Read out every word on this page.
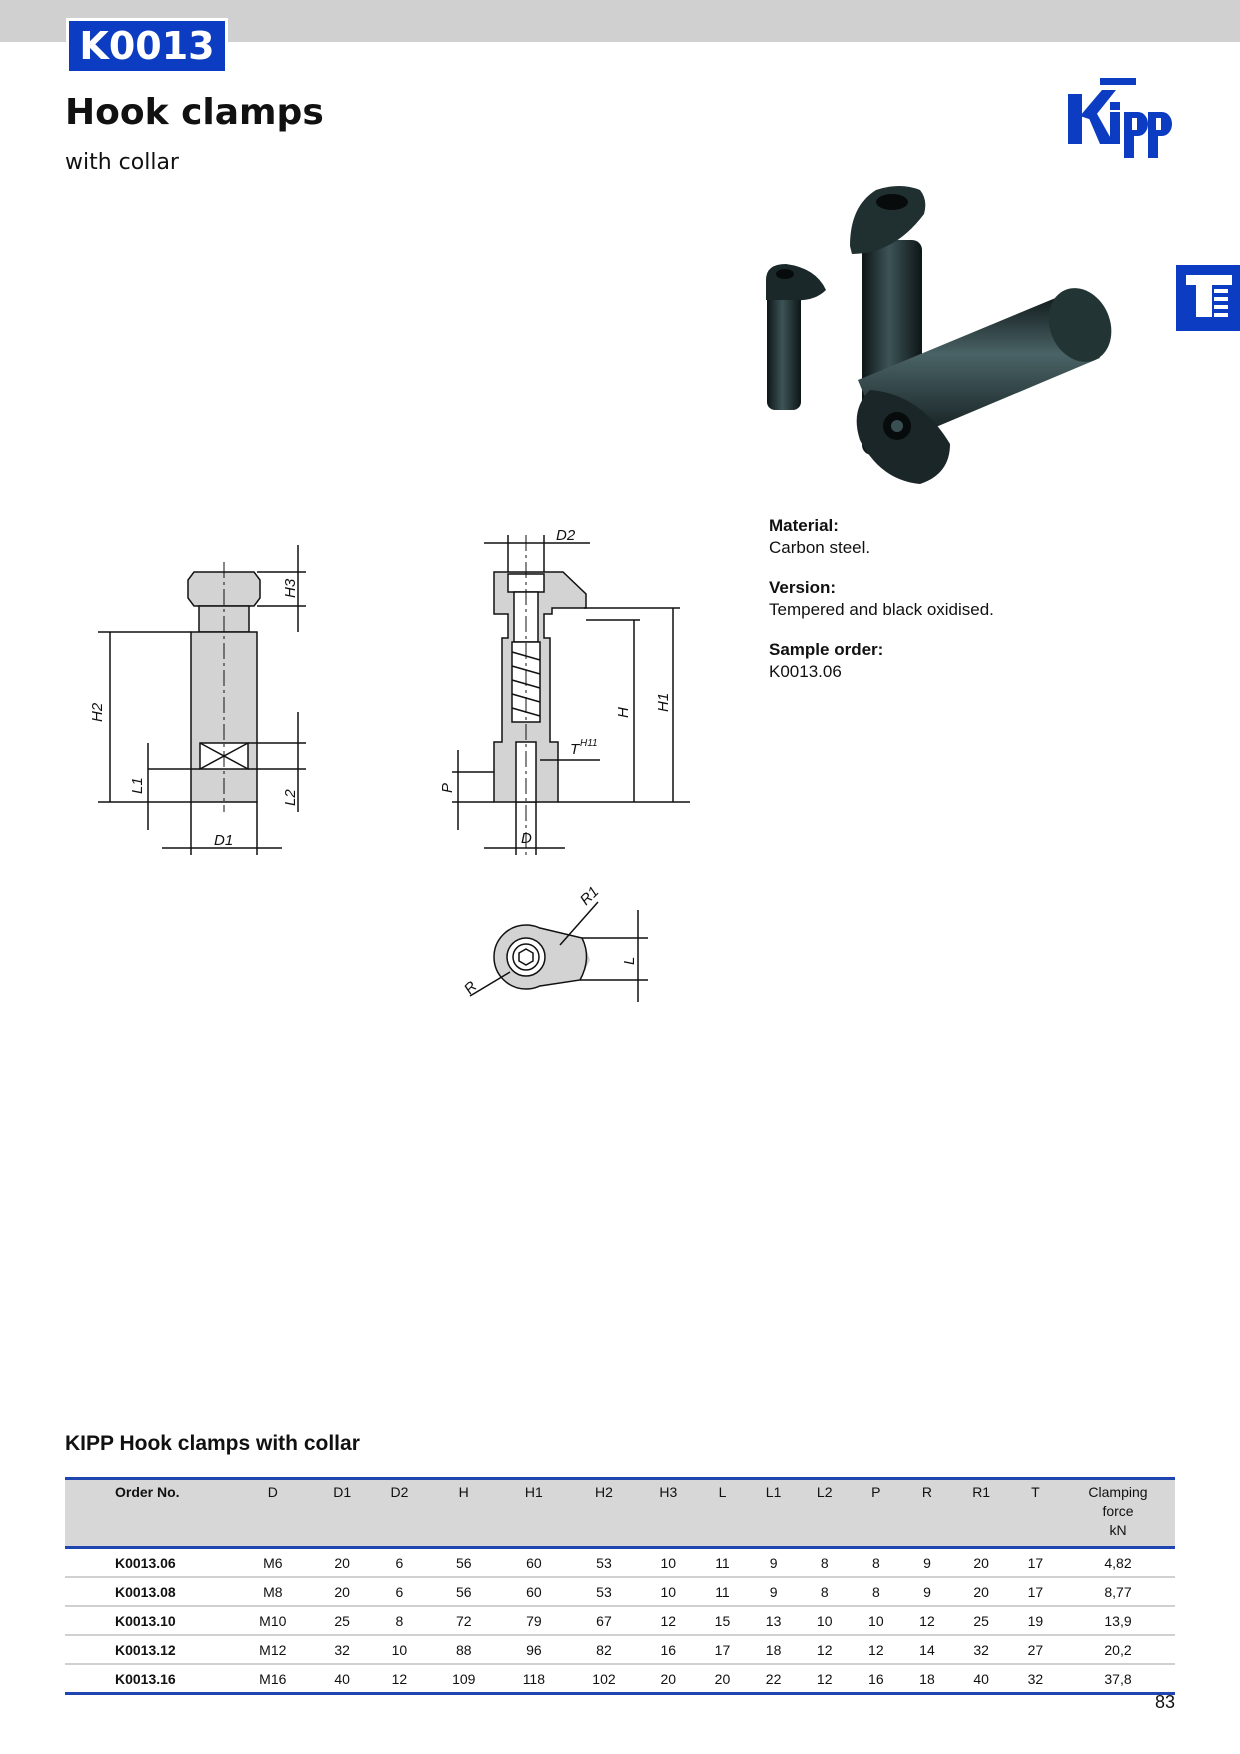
K0013
Hook clamps
with collar
D1
H2
H3
L1
L2
D2
H
H1
T H11
P
D
R
R1
L
Material:
Carbon steel.
Version:
Tempered and black oxidised.
Sample order:
K0013.06
KIPP Hook clamps with collar
Order No.	D	D1	D2	H	H1	H2	H3	L	L1	L2	P	R	R1	T	Clamping
force
kN
K0013.06	M6	20	6	56	60	53	10	11	9	8	8	9	20	17	4,82
K0013.08	M8	20	6	56	60	53	10	11	9	8	8	9	20	17	8,77
K0013.10	M10	25	8	72	79	67	12	15	13	10	10	12	25	19	13,9
K0013.12	M12	32	10	88	96	82	16	17	18	12	12	14	32	27	20,2
K0013.16	M16	40	12	109	118	102	20	20	22	12	16	18	40	32	37,8
83
